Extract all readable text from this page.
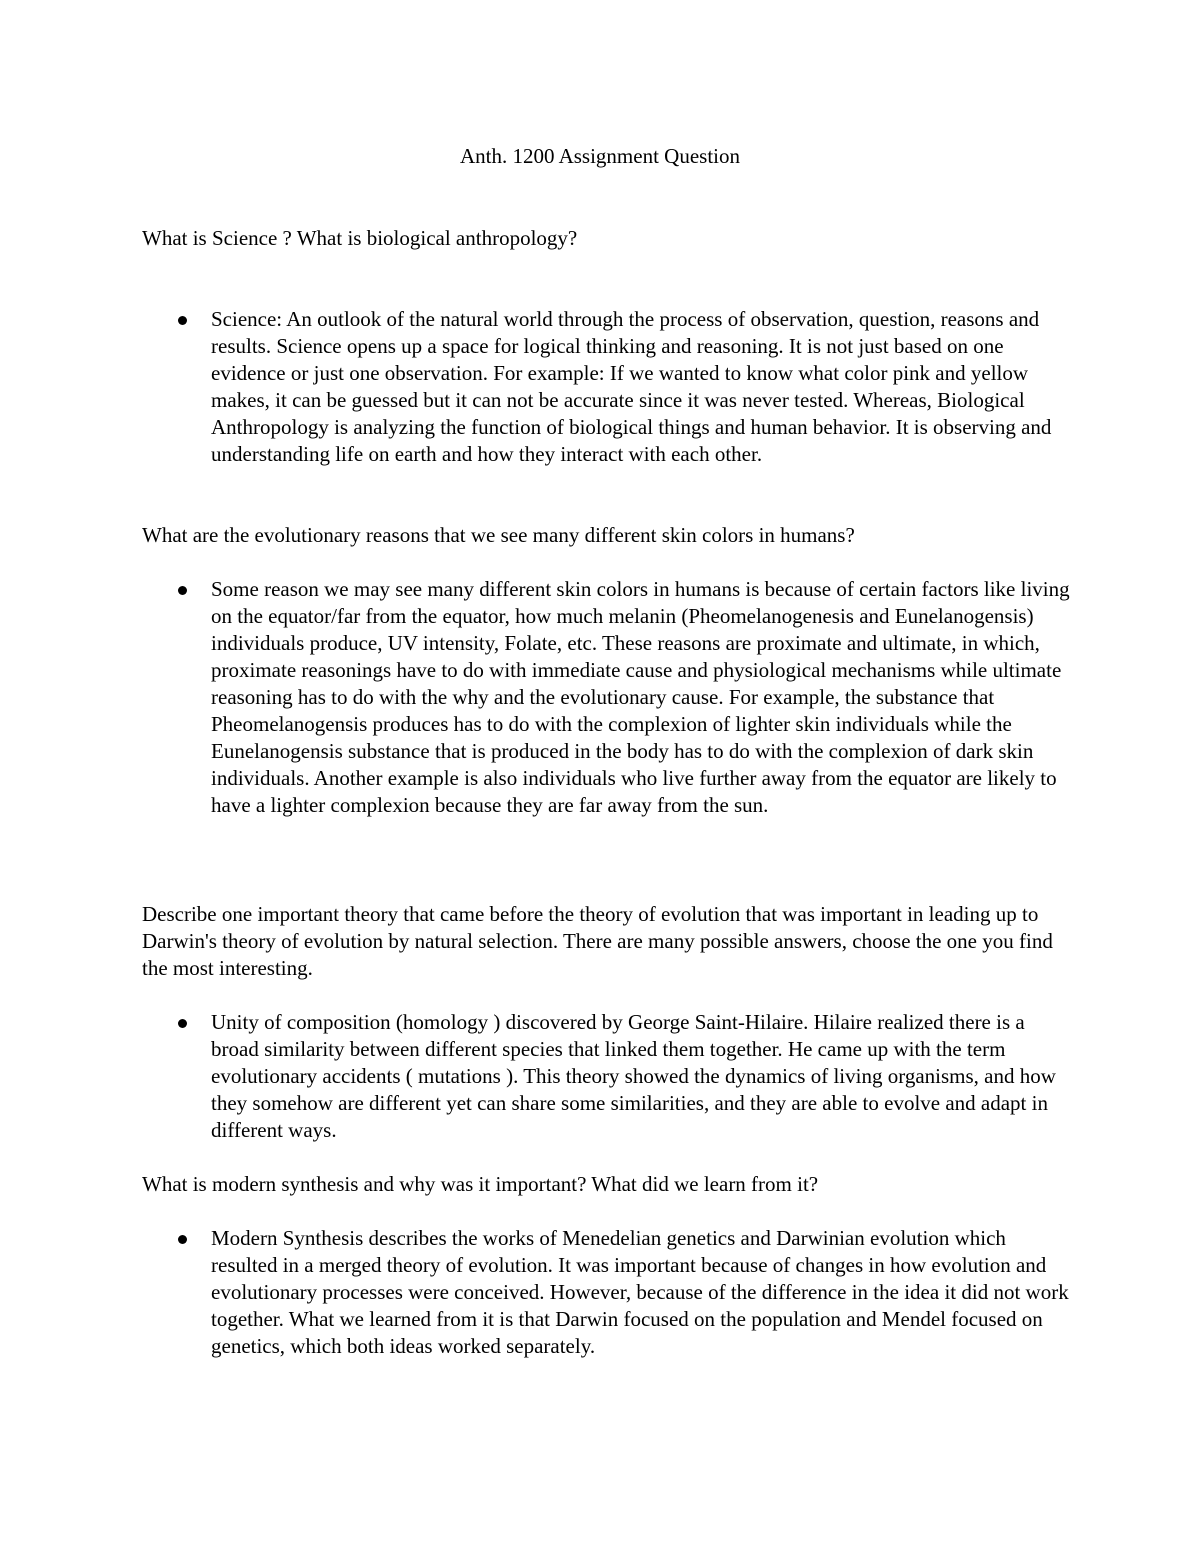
Anth. 1200 Assignment Question
What is Science ? What is biological anthropology?
Science: An outlook of the natural world through the process of observation, question, reasons and results. Science opens up a space for logical thinking and reasoning. It is not just based on one evidence or just one observation. For example: If we wanted to know what color pink and yellow makes, it can be guessed but it can not be accurate since it was never tested. Whereas, Biological Anthropology is analyzing the function of biological things and human behavior. It is observing and understanding life on earth and how they interact with each other.
What are the evolutionary reasons that we see many different skin colors in humans?
Some reason we may see many different skin colors in humans is because of certain factors like living on the equator/far from the equator, how much melanin (Pheomelanogenesis and Eunelanogensis) individuals produce, UV intensity, Folate, etc. These reasons are proximate and ultimate, in which, proximate reasonings have to do with immediate cause and physiological mechanisms while ultimate reasoning has to do with the why and the evolutionary cause. For example, the substance that Pheomelanogensis produces has to do with the complexion of lighter skin individuals while the Eunelanogensis substance that is produced in the body has to do with the complexion of dark skin individuals. Another example is also individuals who live further away from the equator are likely to have a lighter complexion because they are far away from the sun.
Describe one important theory that came before the theory of evolution that was important in leading up to Darwin's theory of evolution by natural selection. There are many possible answers, choose the one you find the most interesting.
Unity of composition (homology ) discovered by George Saint-Hilaire. Hilaire realized there is a broad similarity between different species that linked them together. He came up with the term evolutionary accidents ( mutations ). This theory showed the dynamics of living organisms, and how they somehow are different yet can share some similarities, and they are able to evolve and adapt in different ways.
What is modern synthesis and why was it important? What did we learn from it?
Modern Synthesis describes the works of Menedelian genetics and Darwinian evolution which resulted in a merged theory of evolution. It was important because of changes in how evolution and evolutionary processes were conceived. However, because of the difference in the idea it did not work together. What we learned from it is that Darwin focused on the population and Mendel focused on genetics, which both ideas worked separately.
